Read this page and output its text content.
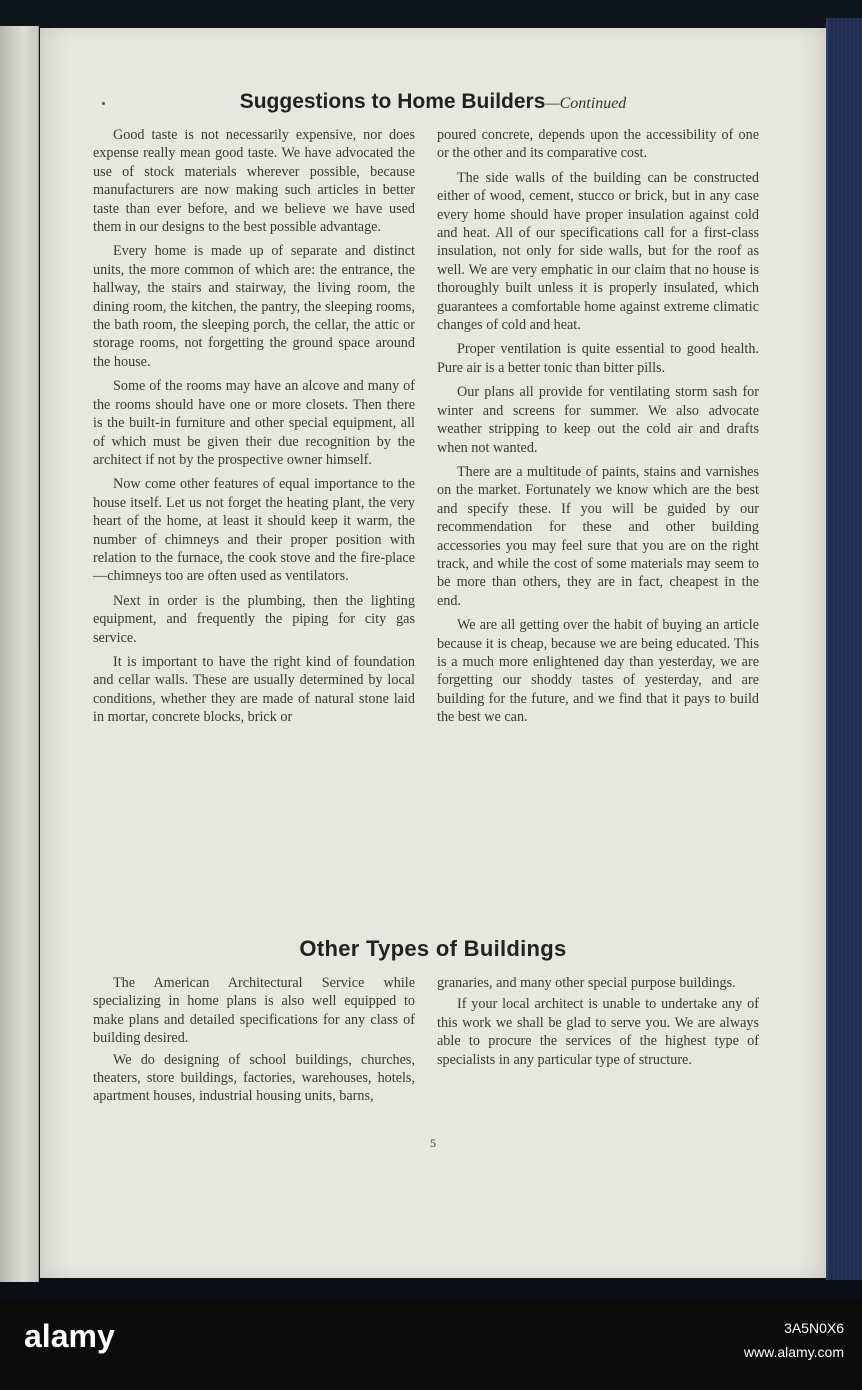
Suggestions to Home Builders—Continued

Good taste is not necessarily expensive, nor does expense really mean good taste. We have advocated the use of stock materials wherever possible, because manufacturers are now making such articles in better taste than ever before, and we believe we have used them in our designs to the best possible advantage.

Every home is made up of separate and distinct units, the more common of which are: the entrance, the hallway, the stairs and stairway, the living room, the dining room, the kitchen, the pantry, the sleeping rooms, the bath room, the sleeping porch, the cellar, the attic or storage rooms, not forgetting the ground space around the house.

Some of the rooms may have an alcove and many of the rooms should have one or more closets. Then there is the built-in furniture and other special equipment, all of which must be given their due recognition by the architect if not by the prospective owner himself.

Now come other features of equal importance to the house itself. Let us not forget the heating plant, the very heart of the home, at least it should keep it warm, the number of chimneys and their proper position with relation to the furnace, the cook stove and the fire-place—chimneys too are often used as ventilators.

Next in order is the plumbing, then the lighting equipment, and frequently the piping for city gas service.

It is important to have the right kind of foundation and cellar walls. These are usually determined by local conditions, whether they are made of natural stone laid in mortar, concrete blocks, brick or

poured concrete, depends upon the accessibility of one or the other and its comparative cost.

The side walls of the building can be constructed either of wood, cement, stucco or brick, but in any case every home should have proper insulation against cold and heat. All of our specifications call for a first-class insulation, not only for side walls, but for the roof as well. We are very emphatic in our claim that no house is thoroughly built unless it is properly insulated, which guarantees a comfortable home against extreme climatic changes of cold and heat.

Proper ventilation is quite essential to good health. Pure air is a better tonic than bitter pills.

Our plans all provide for ventilating storm sash for winter and screens for summer. We also advocate weather stripping to keep out the cold air and drafts when not wanted.

There are a multitude of paints, stains and varnishes on the market. Fortunately we know which are the best and specify these. If you will be guided by our recommendation for these and other building accessories you may feel sure that you are on the right track, and while the cost of some materials may seem to be more than others, they are in fact, cheapest in the end.

We are all getting over the habit of buying an article because it is cheap, because we are being educated. This is a much more enlightened day than yesterday, we are forgetting our shoddy tastes of yesterday, and are building for the future, and we find that it pays to build the best we can.

Other Types of Buildings

The American Architectural Service while specializing in home plans is also well equipped to make plans and detailed specifications for any class of building desired.

We do designing of school buildings, churches, theaters, store buildings, factories, warehouses, hotels, apartment houses, industrial housing units, barns,

granaries, and many other special purpose buildings.

If your local architect is unable to undertake any of this work we shall be glad to serve you. We are always able to procure the services of the highest type of specialists in any particular type of structure.

5
alamy	3A5N0X6
www.alamy.com
